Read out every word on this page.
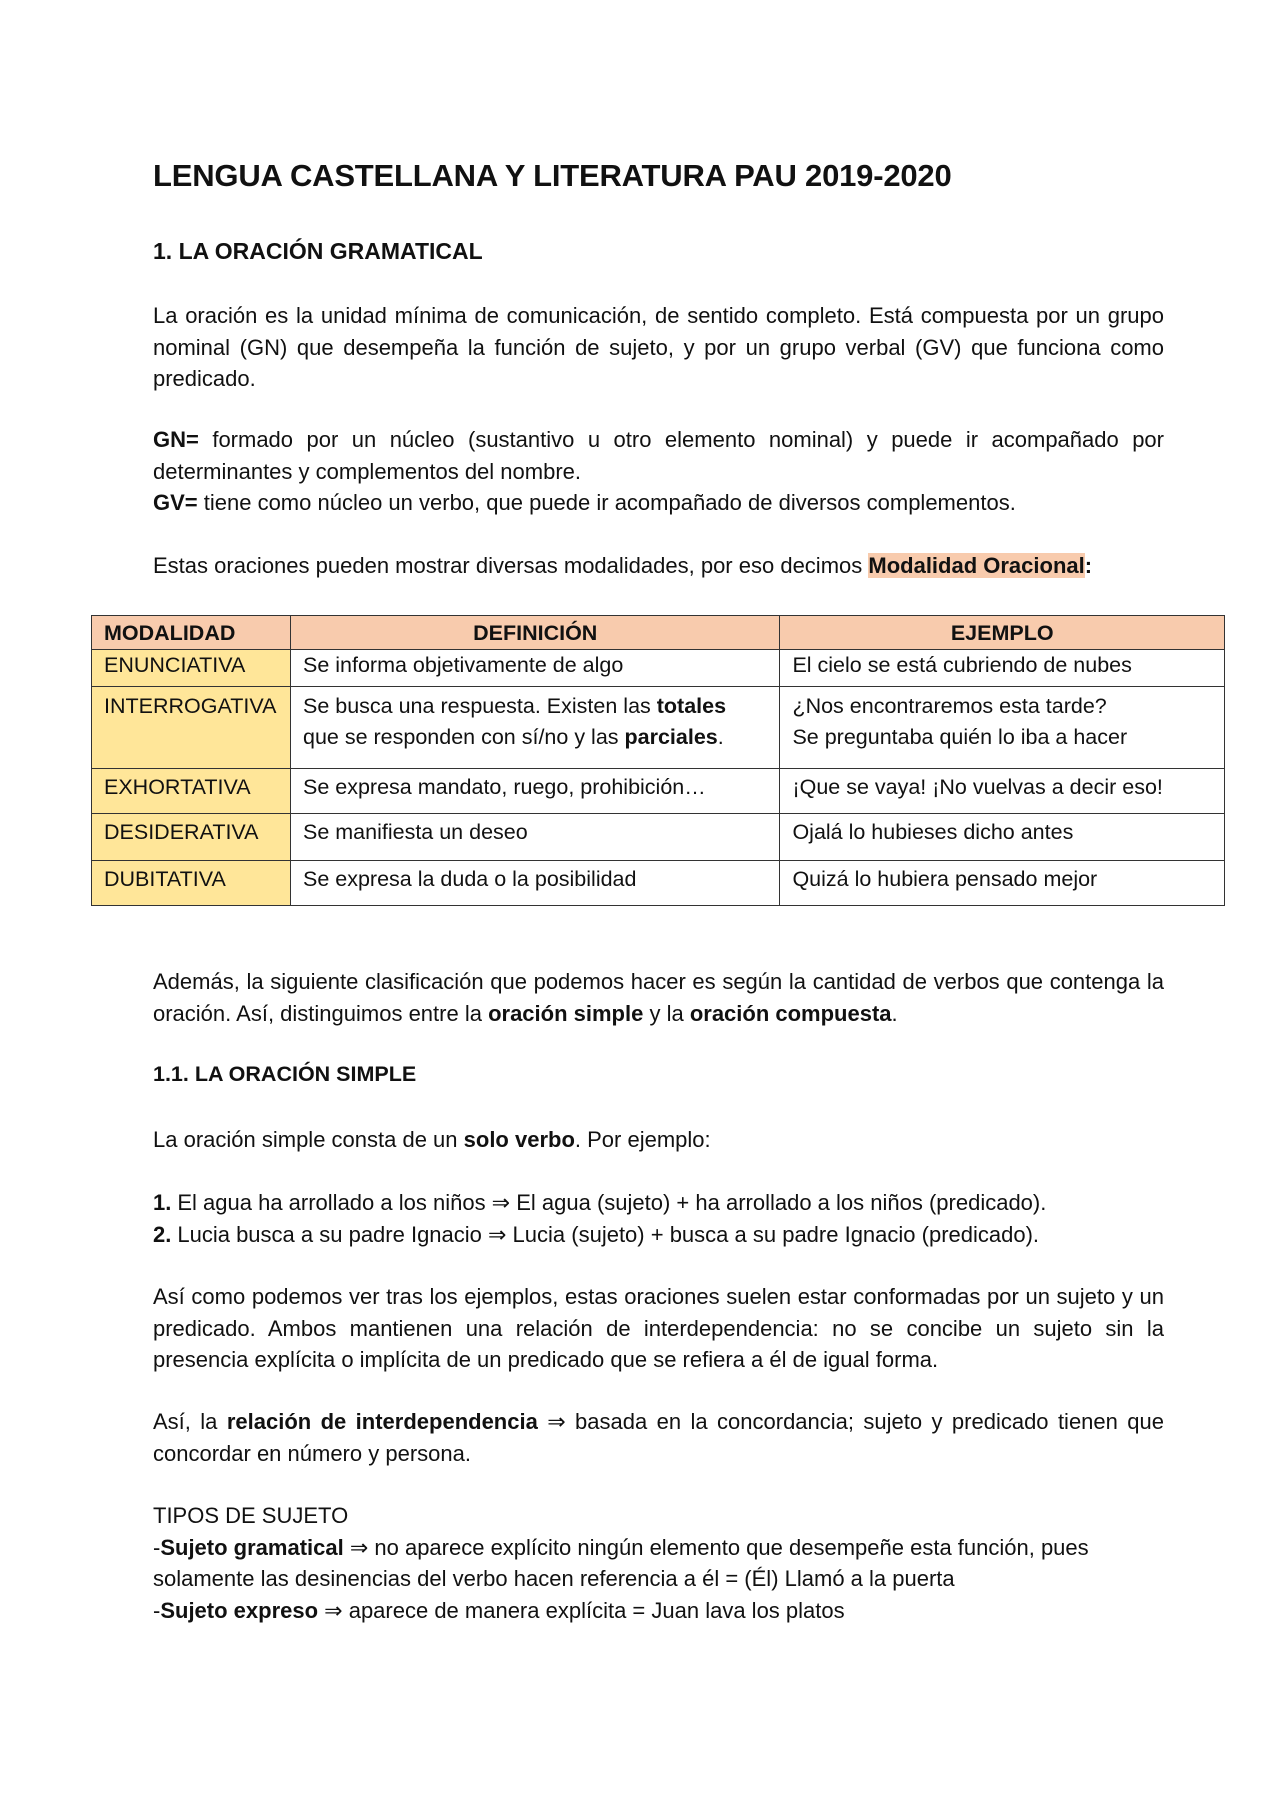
LENGUA CASTELLANA Y LITERATURA PAU 2019-2020
1. LA ORACIÓN GRAMATICAL

La oración es la unidad mínima de comunicación, de sentido completo. Está compuesta por un grupo nominal (GN) que desempeña la función de sujeto, y por un grupo verbal (GV) que funciona como predicado.

GN= formado por un núcleo (sustantivo u otro elemento nominal) y puede ir acompañado por determinantes y complementos del nombre.

GV= tiene como núcleo un verbo, que puede ir acompañado de diversos complementos.

Estas oraciones pueden mostrar diversas modalidades, por eso decimos Modalidad Oracional:

MODALIDAD	DEFINICIÓN	EJEMPLO
ENUNCIATIVA	Se informa objetivamente de algo	El cielo se está cubriendo de nubes
INTERROGATIVA	Se busca una respuesta. Existen las totales que se responden con sí/no y las parciales.	¿Nos encontraremos esta tarde?
Se preguntaba quién lo iba a hacer

EXHORTATIVA	Se expresa mandato, ruego, prohibición…	¡Que se vaya! ¡No vuelvas a decir eso!
DESIDERATIVA	Se manifiesta un deseo	Ojalá lo hubieses dicho antes
DUBITATIVA	Se expresa la duda o la posibilidad	Quizá lo hubiera pensado mejor

Además, la siguiente clasificación que podemos hacer es según la cantidad de verbos que contenga la oración. Así, distinguimos entre la oración simple y la oración compuesta.

1.1. LA ORACIÓN SIMPLE

La oración simple consta de un solo verbo. Por ejemplo:

1. El agua ha arrollado a los niños ⇒ El agua (sujeto) + ha arrollado a los niños (predicado).
2. Lucia busca a su padre Ignacio ⇒ Lucia (sujeto) + busca a su padre Ignacio (predicado).

Así como podemos ver tras los ejemplos, estas oraciones suelen estar conformadas por un sujeto y un predicado. Ambos mantienen una relación de interdependencia: no se concibe un sujeto sin la presencia explícita o implícita de un predicado que se refiera a él de igual forma.

Así, la relación de interdependencia ⇒ basada en la concordancia; sujeto y predicado tienen que concordar en número y persona.

TIPOS DE SUJETO

-Sujeto gramatical ⇒ no aparece explícito ningún elemento que desempeñe esta función, pues solamente las desinencias del verbo hacen referencia a él = (Él) Llamó a la puerta

-Sujeto expreso ⇒ aparece de manera explícita = Juan lava los platos
